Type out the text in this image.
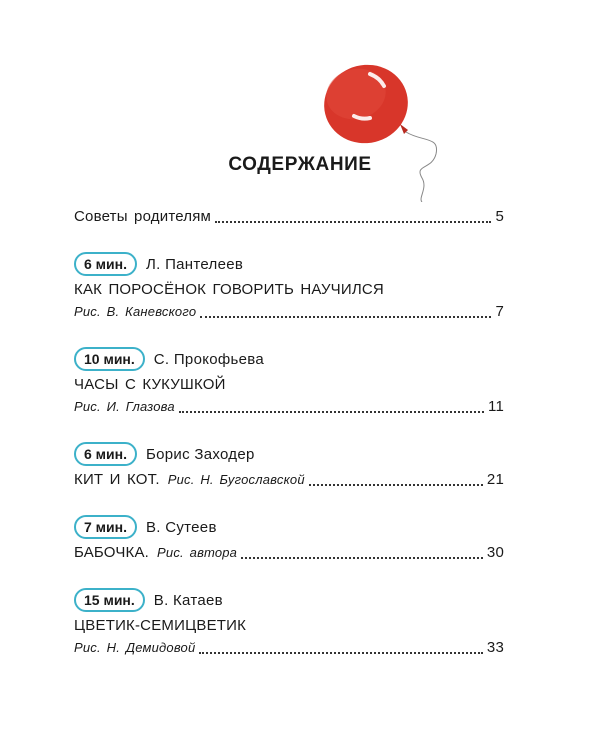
СОДЕРЖАНИЕ
Советы родителям	5
6 мин.	Л. Пантелеев
КАК ПОРОСЁНОК ГОВОРИТЬ НАУЧИЛСЯ
Рис. В. Каневского	7
10 мин.	С. Прокофьева
ЧАСЫ С КУКУШКОЙ
Рис. И. Глазова	11
6 мин.	Борис Заходер
КИТ И КОТ. Рис. Н. Бугославской	21
7 мин.	В. Сутеев
БАБОЧКА. Рис. автора	30
15 мин.	В. Катаев
ЦВЕТИК-СЕМИЦВЕТИК
Рис. Н. Демидовой	33
